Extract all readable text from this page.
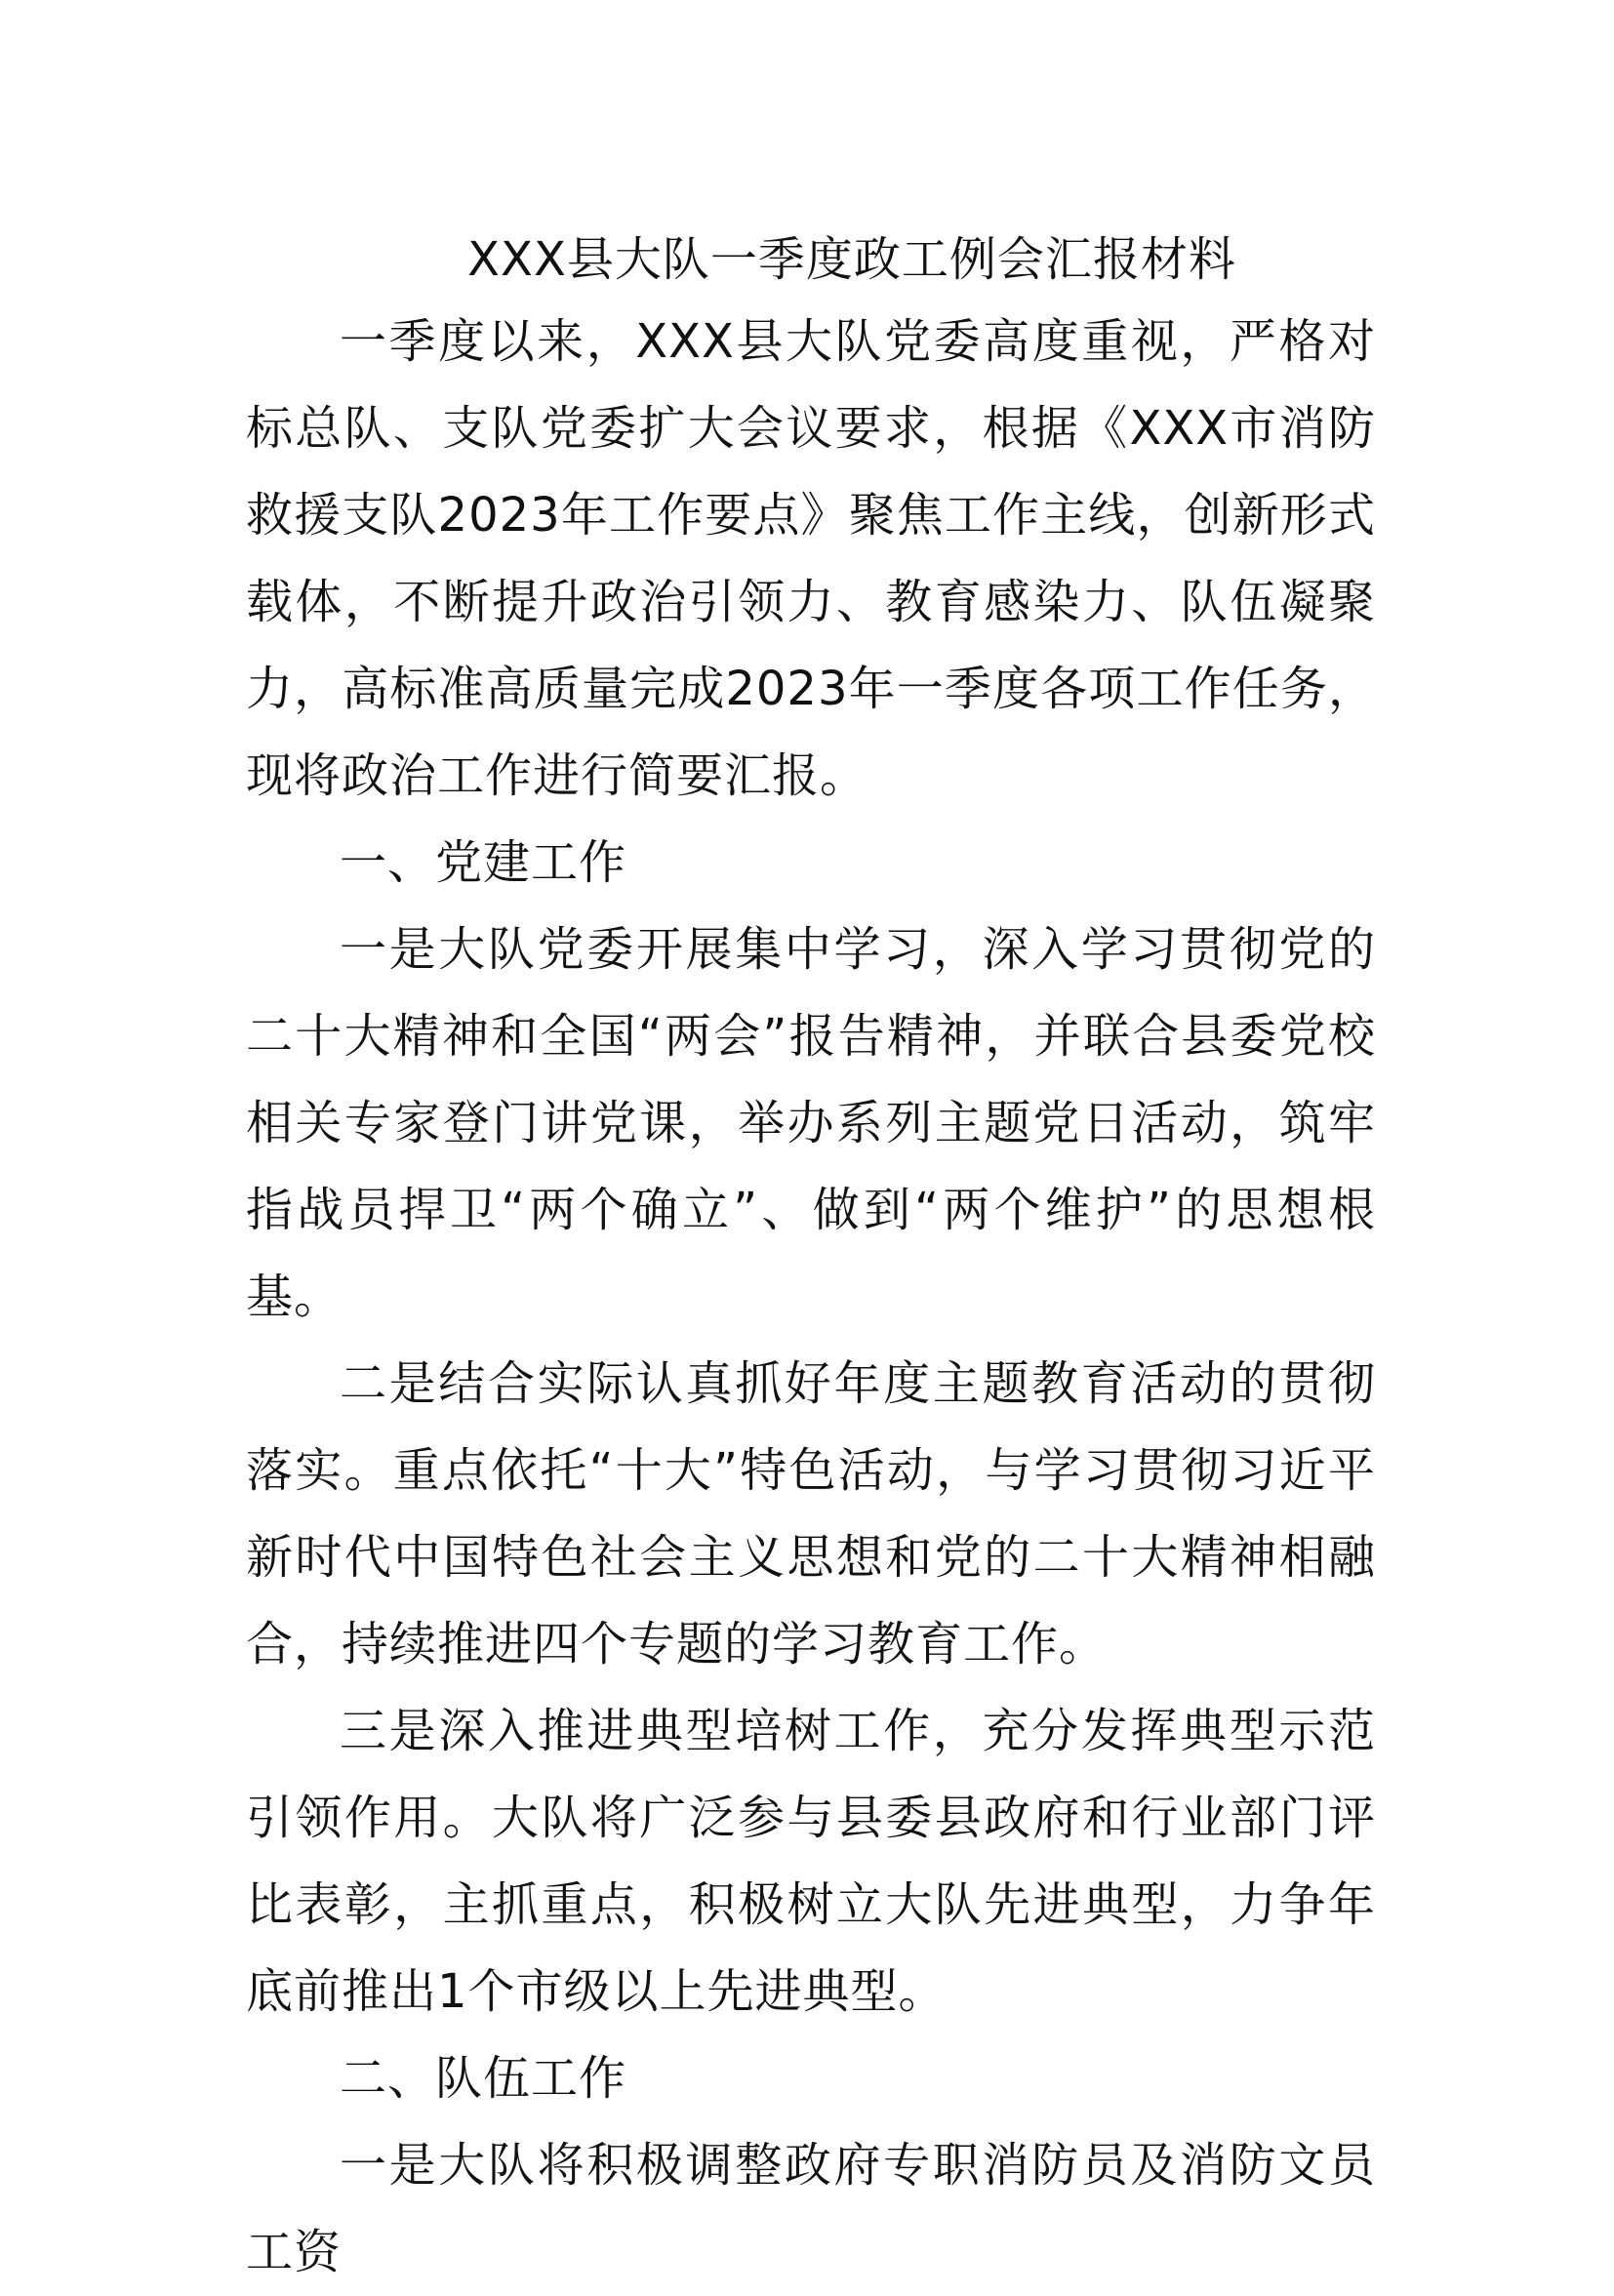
XXX县大队一季度政工例会汇报材料

一季度以来，XXX县大队党委高度重视，严格对标总队、支队党委扩大会议要求，根据《XXX市消防救援支队2023年工作要点》聚焦工作主线，创新形式载体，不断提升政治引领力、教育感染力、队伍凝聚力，高标准高质量完成2023年一季度各项工作任务，现将政治工作进行简要汇报。

一、党建工作

一是大队党委开展集中学习，深入学习贯彻党的二十大精神和全国“两会”报告精神，并联合县委党校相关专家登门讲党课，举办系列主题党日活动，筑牢指战员捍卫“两个确立”、做到“两个维护”的思想根基。

二是结合实际认真抓好年度主题教育活动的贯彻落实。重点依托“十大”特色活动，与学习贯彻习近平新时代中国特色社会主义思想和党的二十大精神相融合，持续推进四个专题的学习教育工作。

三是深入推进典型培树工作，充分发挥典型示范引领作用。大队将广泛参与县委县政府和行业部门评比表彰，主抓重点，积极树立大队先进典型，力争年底前推出1个市级以上先进典型。

二、队伍工作

一是大队将积极调整政府专职消防员及消防文员工资
